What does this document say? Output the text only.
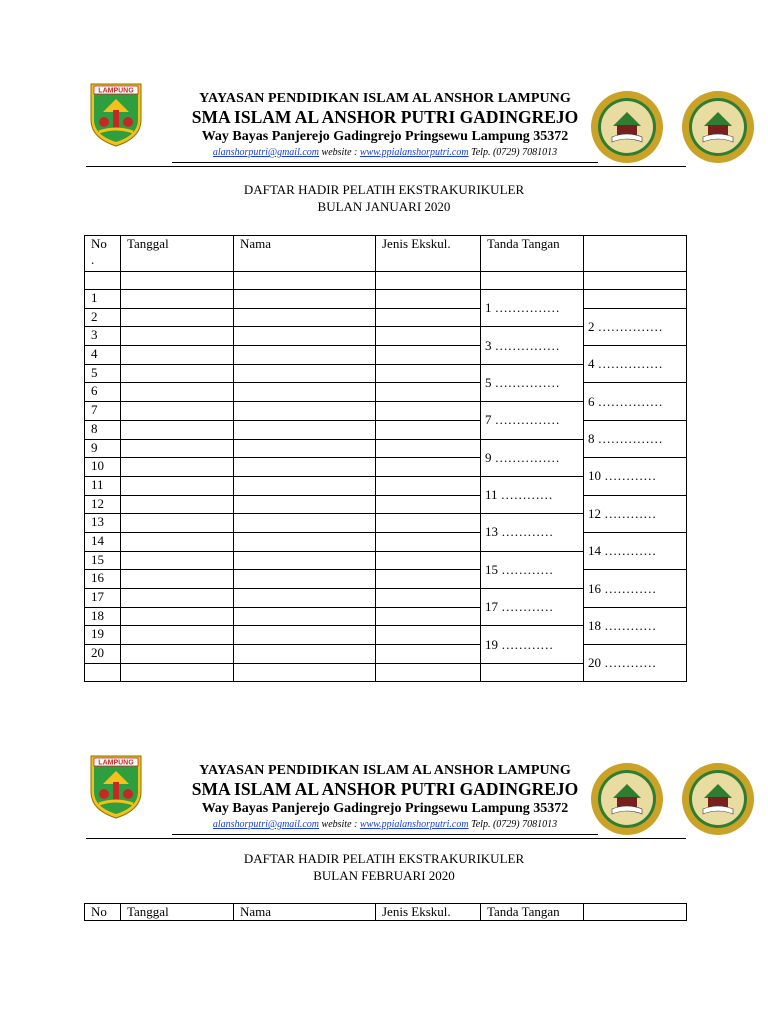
LAMPUNG	YAYASAN PENDIDIKAN ISLAM AL ANSHOR LAMPUNG
SMA ISLAM AL ANSHOR PUTRI GADINGREJO
Way Bayas Panjerejo Gadingrejo Pringsewu Lampung 35372
alanshorputri@gmail.com website : www.ppialanshorputri.com Telp. (0729) 7081013
DAFTAR HADIR PELATIH EKSTRAKURIKULER
BULAN JANUARI 2020
No
.	Tanggal	Nama	Jenis Ekskul.	Tanda Tangan		

1				1 ……………		
2					2 ……………	
3				3 ……………		
4					4 ……………	
5				5 ……………		
6					6 ……………	
7				7 ……………		
8					8 ……………	
9				9 ……………		
10					10 …………	
11				11 …………		
12					12 …………	
13				13 …………		
14					14 …………	
15				15 …………		
16					16 …………	
17				17 …………		
18					18 …………	
19				19 …………		
20					20 …………	

LAMPUNG	YAYASAN PENDIDIKAN ISLAM AL ANSHOR LAMPUNG
SMA ISLAM AL ANSHOR PUTRI GADINGREJO
Way Bayas Panjerejo Gadingrejo Pringsewu Lampung 35372
alanshorputri@gmail.com website : www.ppialanshorputri.com Telp. (0729) 7081013
DAFTAR HADIR PELATIH EKSTRAKURIKULER
BULAN FEBRUARI 2020
No	Tanggal	Nama	Jenis Ekskul.	Tanda Tangan	
